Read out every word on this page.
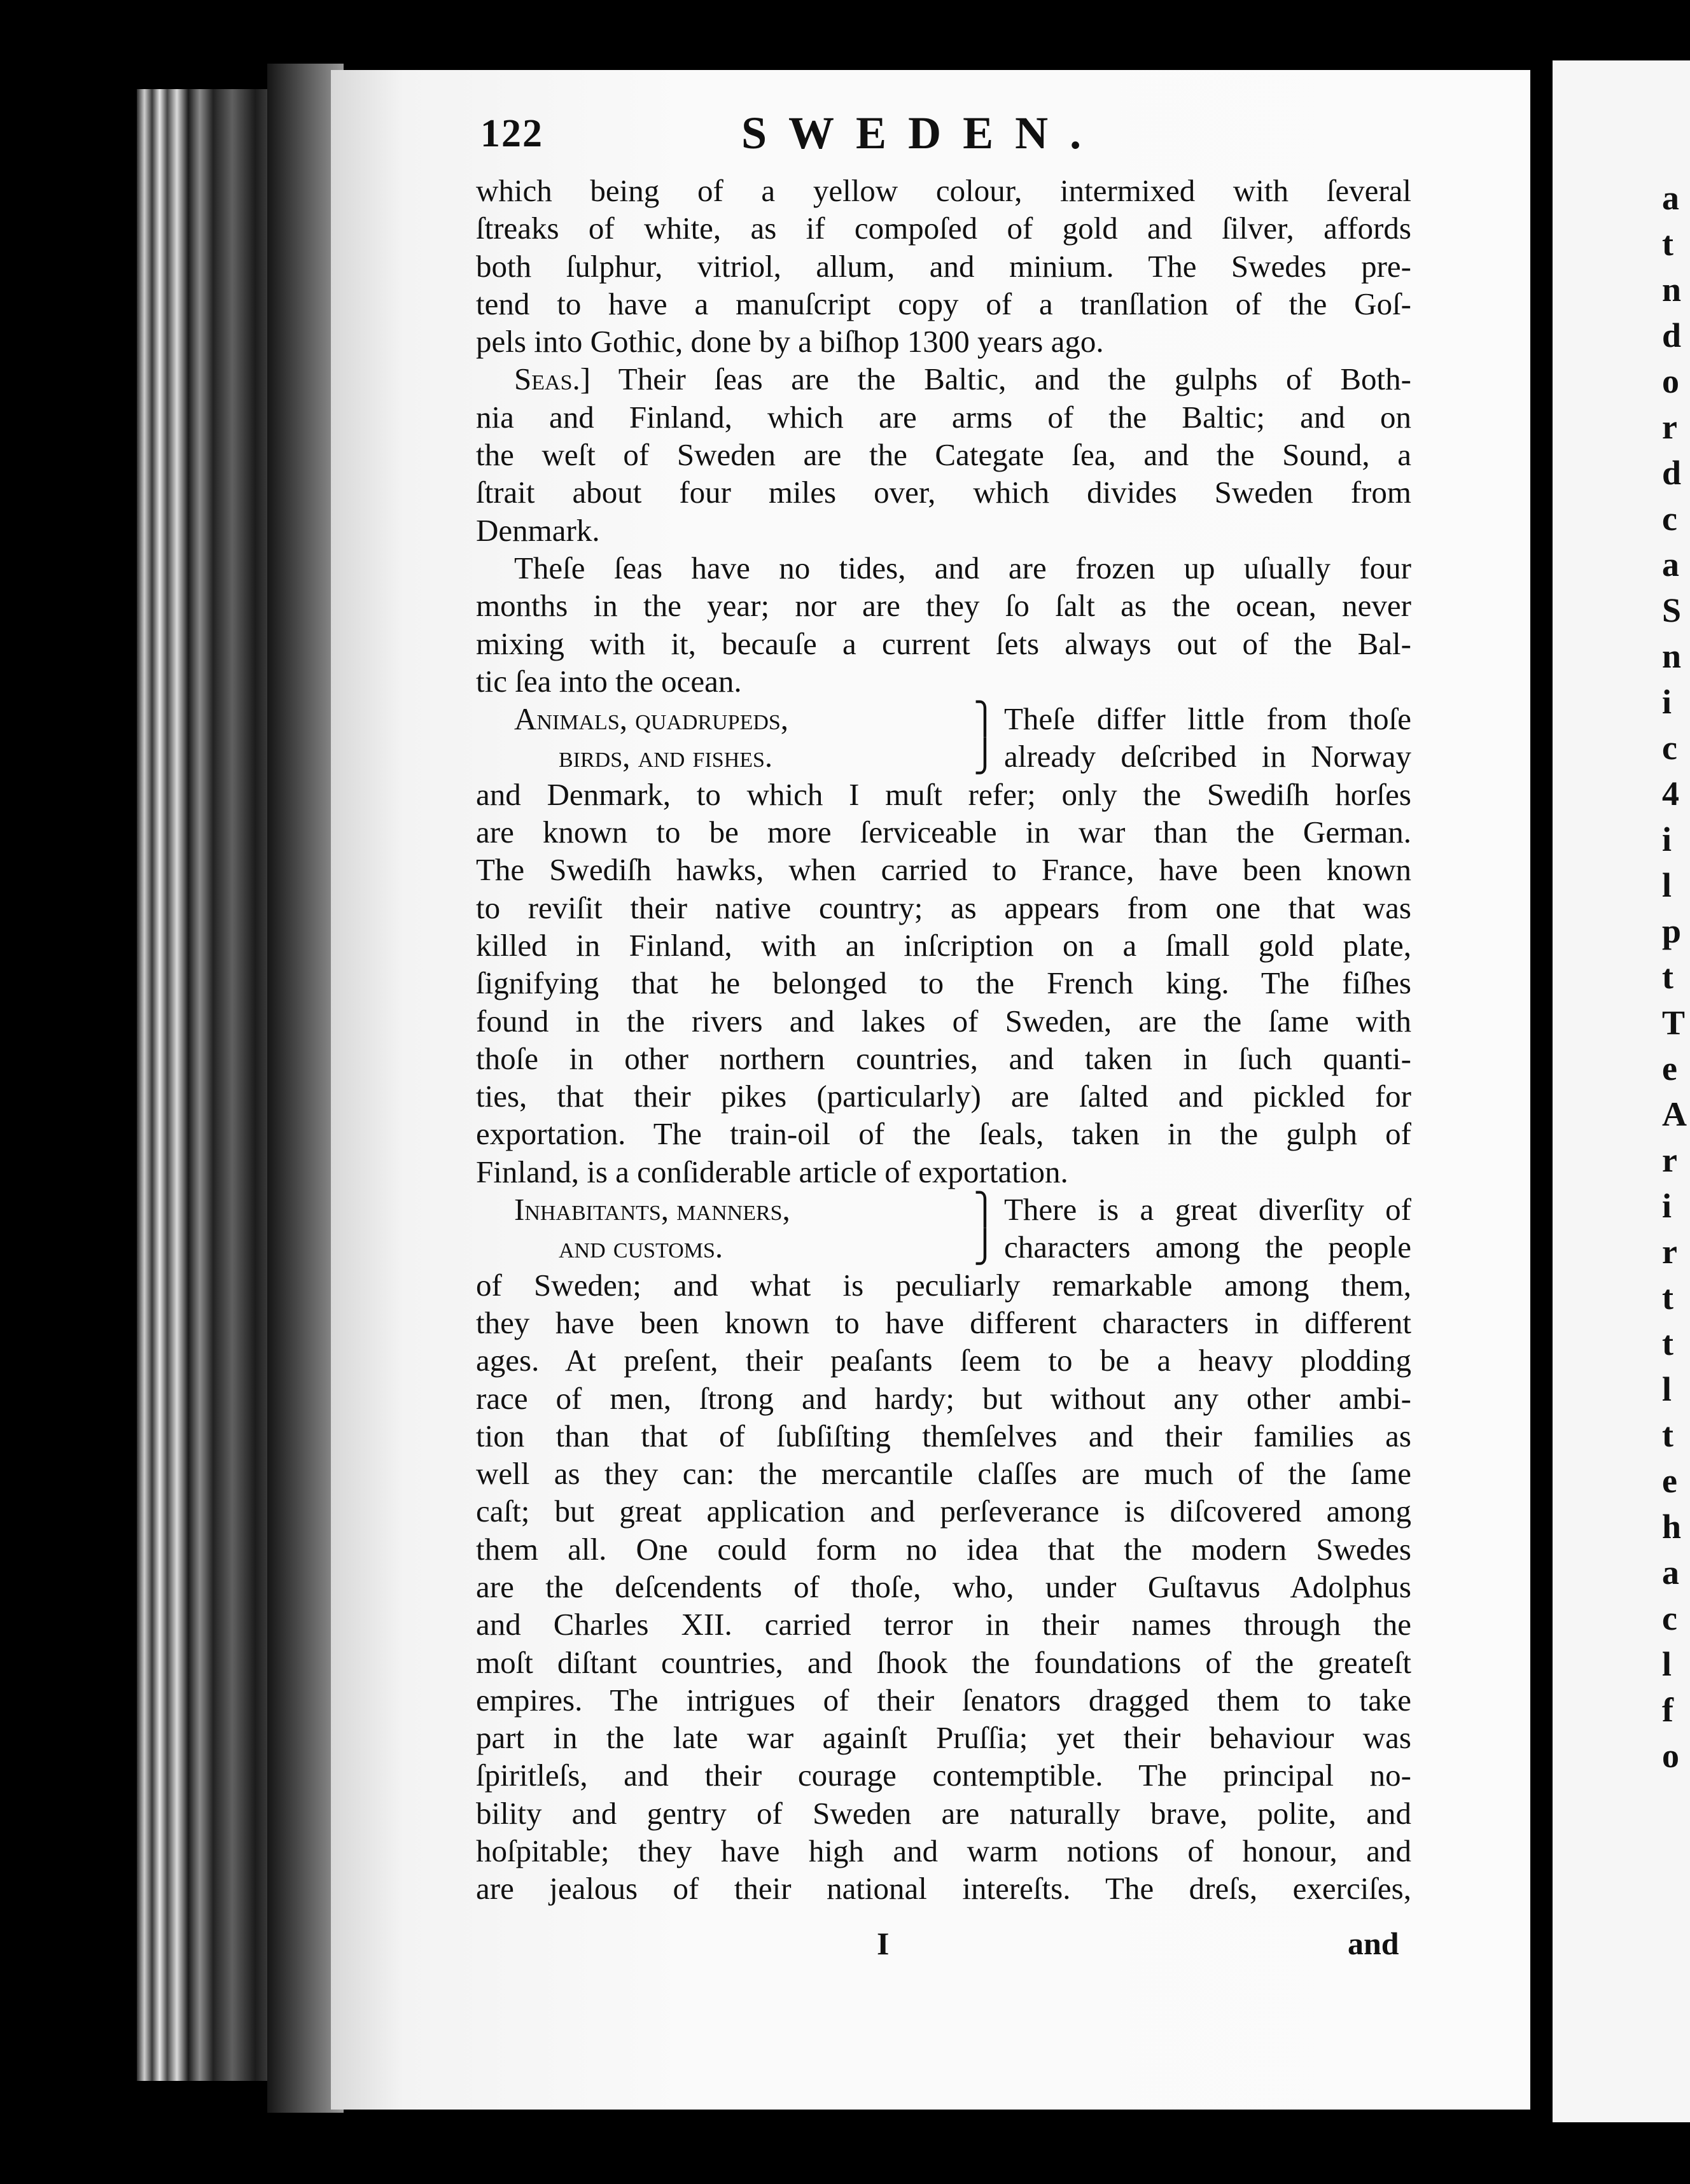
a
t
n
d
o
r
d
c
a
S
n
i
c
4
i
l
p
t
T
e
A
r
i
r
t
t
l
t
e
h
a
c
l
f
o
122	SWEDEN.
which being of a yellow colour, intermixed with ſeveral
ſtreaks of white, as if compoſed of gold and ſilver, affords
both ſulphur, vitriol, allum, and minium. The Swedes pre-
tend to have a manuſcript copy of a tranſlation of the Goſ-
pels into Gothic, done by a biſhop 1300 years ago.
Seas.] Their ſeas are the Baltic, and the gulphs of Both-
nia and Finland, which are arms of the Baltic; and on
the weſt of Sweden are the Categate ſea, and the Sound, a
ſtrait about four miles over, which divides Sweden from
Denmark.
Theſe ſeas have no tides, and are frozen up uſually four
months in the year; nor are they ſo ſalt as the ocean, never
mixing with it, becauſe a current ſets always out of the Bal-
tic ſea into the ocean.
Animals, quadrupeds,	⎫ Theſe differ little from thoſe
birds, and fishes.	⎭ already deſcribed in Norway
and Denmark, to which I muſt refer; only the Swediſh horſes
are known to be more ſerviceable in war than the German.
The Swediſh hawks, when carried to France, have been known
to reviſit their native country; as appears from one that was
killed in Finland, with an inſcription on a ſmall gold plate,
ſignifying that he belonged to the French king. The fiſhes
found in the rivers and lakes of Sweden, are the ſame with
thoſe in other northern countries, and taken in ſuch quanti-
ties, that their pikes (particularly) are ſalted and pickled for
exportation. The train-oil of the ſeals, taken in the gulph of
Finland, is a conſiderable article of exportation.
Inhabitants, manners,	⎫ There is a great diverſity of
and customs.	⎭ characters among the people
of Sweden; and what is peculiarly remarkable among them,
they have been known to have different characters in different
ages. At preſent, their peaſants ſeem to be a heavy plodding
race of men, ſtrong and hardy; but without any other ambi-
tion than that of ſubſiſting themſelves and their families as
well as they can: the mercantile claſſes are much of the ſame
caſt; but great application and perſeverance is diſcovered among
them all. One could form no idea that the modern Swedes
are the deſcendents of thoſe, who, under Guſtavus Adolphus
and Charles XII. carried terror in their names through the
moſt diſtant countries, and ſhook the foundations of the greateſt
empires. The intrigues of their ſenators dragged them to take
part in the late war againſt Pruſſia; yet their behaviour was
ſpiritleſs, and their courage contemptible. The principal no-
bility and gentry of Sweden are naturally brave, polite, and
hoſpitable; they have high and warm notions of honour, and
are jealous of their national intereſts. The dreſs, exerciſes,
I	and
